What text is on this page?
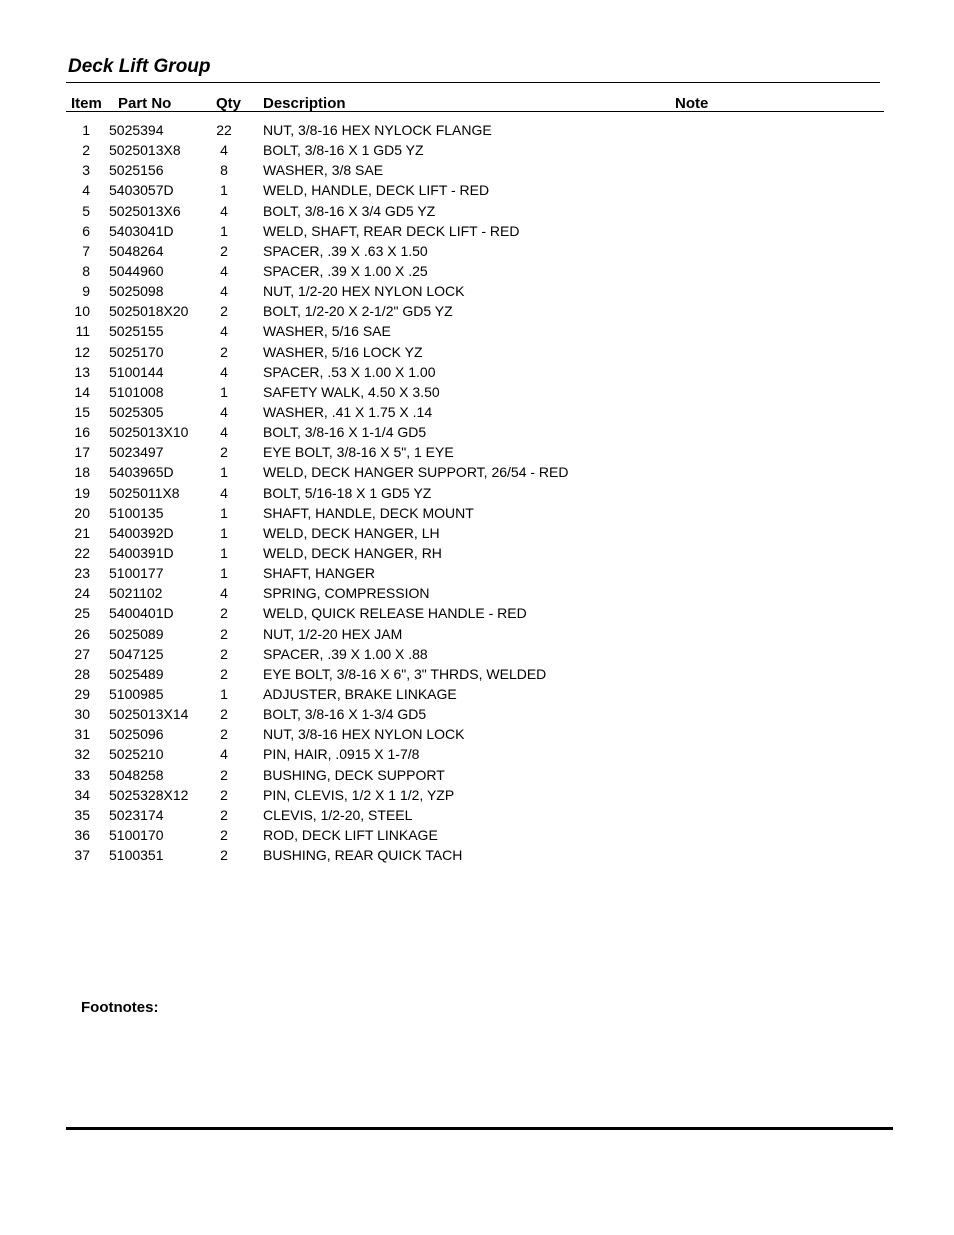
Deck Lift Group
Item Part No	Qty Description	Note
1 5025394	22 NUT, 3/8-16 HEX NYLOCK FLANGE
2 5025013X8	4	BOLT, 3/8-16 X 1 GD5 YZ
3 5025156	8	WASHER, 3/8 SAE
4 5403057D	1	WELD, HANDLE, DECK LIFT - RED
5 5025013X6	4	BOLT, 3/8-16 X 3/4 GD5 YZ
6 5403041D	1	WELD, SHAFT, REAR DECK LIFT - RED
7 5048264	2	SPACER, .39 X .63 X 1.50
8 5044960	4	SPACER, .39 X 1.00 X .25
9 5025098	4	NUT, 1/2-20 HEX NYLON LOCK
10 5025018X20	2	BOLT, 1/2-20 X 2-1/2" GD5 YZ
11 5025155	4	WASHER, 5/16 SAE
12 5025170	2	WASHER, 5/16 LOCK YZ
13 5100144	4	SPACER, .53 X 1.00 X 1.00
14 5101008	1	SAFETY WALK, 4.50 X 3.50
15 5025305	4	WASHER, .41 X 1.75 X .14
16 5025013X10	4	BOLT, 3/8-16 X 1-1/4 GD5
17 5023497	2	EYE BOLT, 3/8-16 X 5", 1 EYE
18 5403965D	1	WELD, DECK HANGER SUPPORT, 26/54 - RED
19 5025011X8	4	BOLT, 5/16-18 X 1 GD5 YZ
20 5100135	1	SHAFT, HANDLE, DECK MOUNT
21 5400392D	1	WELD, DECK HANGER, LH
22 5400391D	1	WELD, DECK HANGER, RH
23 5100177	1	SHAFT, HANGER
24 5021102	4	SPRING, COMPRESSION
25 5400401D	2	WELD, QUICK RELEASE HANDLE - RED
26 5025089	2	NUT, 1/2-20 HEX JAM
27 5047125	2	SPACER, .39 X 1.00 X .88
28 5025489	2	EYE BOLT, 3/8-16 X 6", 3" THRDS, WELDED
29 5100985	1	ADJUSTER, BRAKE LINKAGE
30 5025013X14	2	BOLT, 3/8-16 X 1-3/4 GD5
31 5025096	2	NUT, 3/8-16 HEX NYLON LOCK
32 5025210	4	PIN, HAIR, .0915 X 1-7/8
33 5048258	2	BUSHING, DECK SUPPORT
34 5025328X12	2	PIN, CLEVIS, 1/2 X 1 1/2, YZP
35 5023174	2	CLEVIS, 1/2-20, STEEL
36 5100170	2	ROD, DECK LIFT LINKAGE
37 5100351	2	BUSHING, REAR QUICK TACH
Footnotes:
